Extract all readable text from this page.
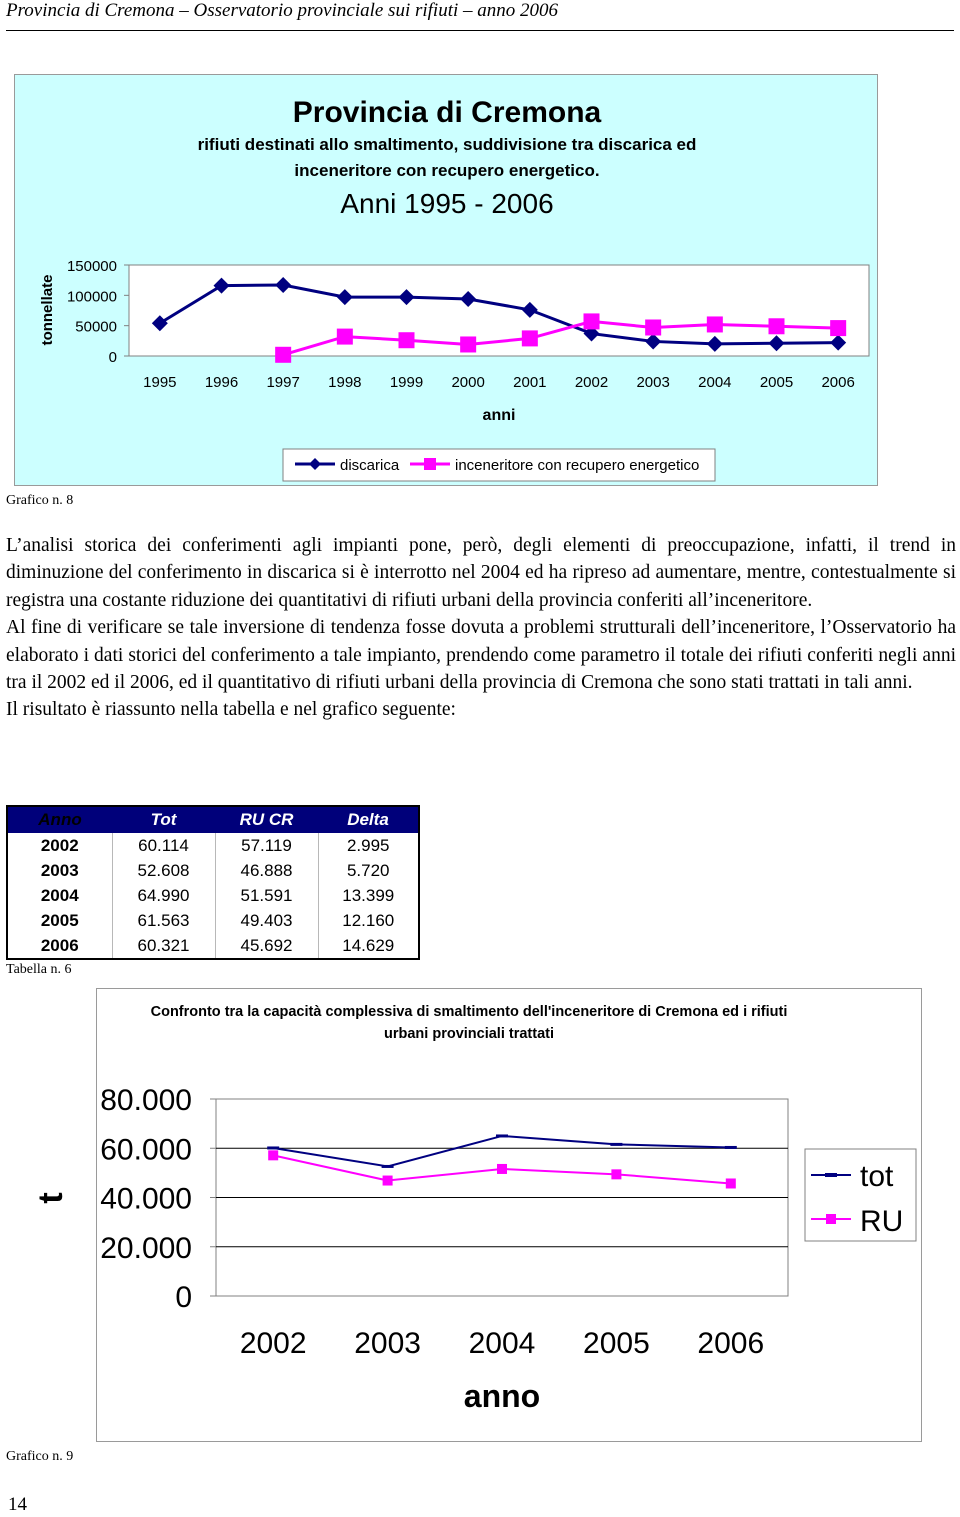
Provincia di Cremona – Osservatorio provinciale sui rifiuti – anno 2006
Provincia di Cremona
rifiuti destinati allo smaltimento, suddivisione tra discarica ed
inceneritore con recupero energetico.
Anni 1995 - 2006
150000
100000
50000
0
1995 1996 1997 1998 1999 2000 2001 2002 2003 2004 2005 2006
anni
tonnellate
discarica	inceneritore con recupero energetico
Grafico n. 8

L’analisi storica dei conferimenti agli impianti pone, però, degli elementi di preoccupazione, infatti, il trend in diminuzione del conferimento in discarica si è interrotto nel 2004 ed ha ripreso ad aumentare, mentre, contestualmente si registra una costante riduzione dei quantitativi di rifiuti urbani della provincia conferiti all’inceneritore.

Al fine di verificare se tale inversione di tendenza fosse dovuta a problemi strutturali dell’inceneritore, l’Osservatorio ha elaborato i dati storici del conferimento a tale impianto, prendendo come parametro il totale dei rifiuti conferiti negli anni tra il 2002 ed il 2006, ed il quantitativo di rifiuti urbani della provincia di Cremona che sono stati trattati in tali anni.

Il risultato è riassunto nella tabella e nel grafico seguente:

Anno	Tot	RU CR	Delta
2002	60.114	57.119	2.995
2003	52.608	46.888	5.720
2004	64.990	51.591	13.399
2005	61.563	49.403	12.160
2006	60.321	45.692	14.629
Tabella n. 6
Confronto tra la capacità complessiva di smaltimento dell'inceneritore di Cremona ed i rifiuti
urbani provinciali trattati
80.000
60.000
40.000
20.000
0
2002 2003 2004 2005 2006
anno
t
tot
RU
Grafico n. 9
14
